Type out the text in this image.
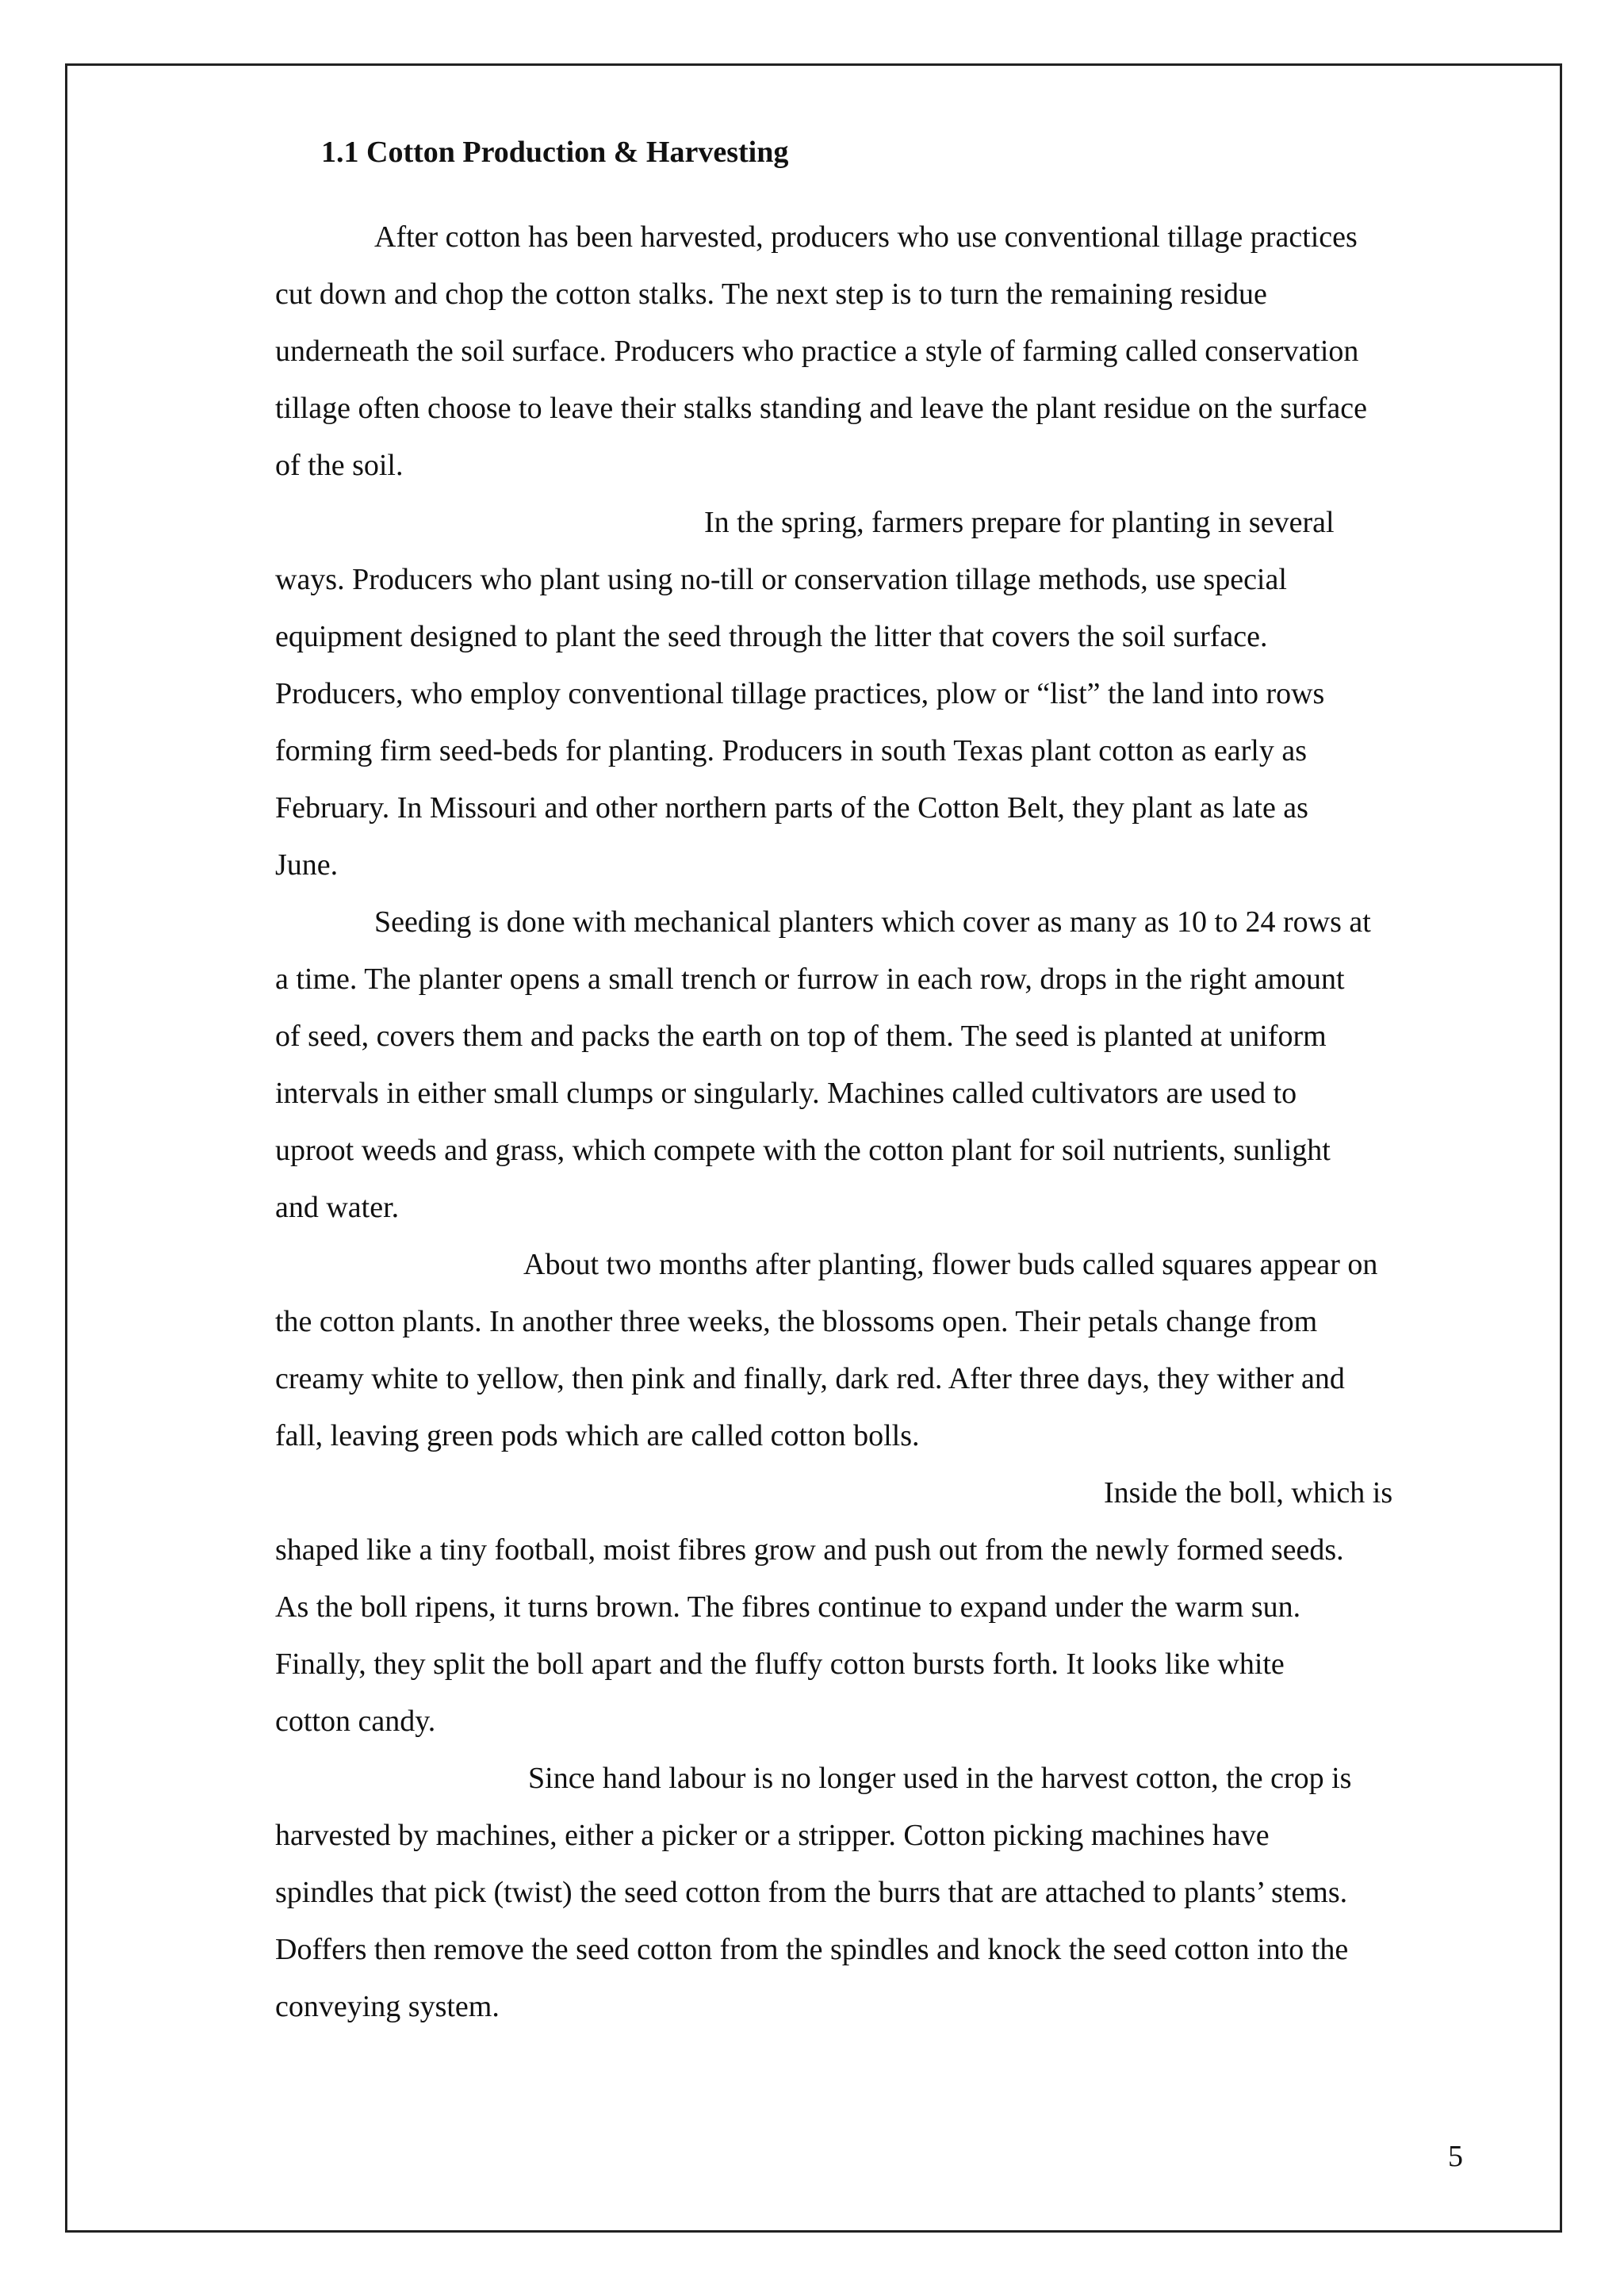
1.1 Cotton Production & Harvesting
After cotton has been harvested, producers who use conventional tillage practices
cut down and chop the cotton stalks. The next step is to turn the remaining residue
underneath the soil surface. Producers who practice a style of farming called conservation
tillage often choose to leave their stalks standing and leave the plant residue on the surface
of the soil.
In the spring, farmers prepare for planting in several
ways. Producers who plant using no-till or conservation tillage methods, use special
equipment designed to plant the seed through the litter that covers the soil surface.
Producers, who employ conventional tillage practices, plow or “list” the land into rows
forming firm seed-beds for planting. Producers in south Texas plant cotton as early as
February. In Missouri and other northern parts of the Cotton Belt, they plant as late as
June.
Seeding is done with mechanical planters which cover as many as 10 to 24 rows at
a time. The planter opens a small trench or furrow in each row, drops in the right amount
of seed, covers them and packs the earth on top of them. The seed is planted at uniform
intervals in either small clumps or singularly. Machines called cultivators are used to
uproot weeds and grass, which compete with the cotton plant for soil nutrients, sunlight
and water.
About two months after planting, flower buds called squares appear on
the cotton plants. In another three weeks, the blossoms open. Their petals change from
creamy white to yellow, then pink and finally, dark red. After three days, they wither and
fall, leaving green pods which are called cotton bolls.
Inside the boll, which is
shaped like a tiny football, moist fibres grow and push out from the newly formed seeds.
As the boll ripens, it turns brown. The fibres continue to expand under the warm sun.
Finally, they split the boll apart and the fluffy cotton bursts forth. It looks like white
cotton candy.
Since hand labour is no longer used in the harvest cotton, the crop is
harvested by machines, either a picker or a stripper. Cotton picking machines have
spindles that pick (twist) the seed cotton from the burrs that are attached to plants’ stems.
Doffers then remove the seed cotton from the spindles and knock the seed cotton into the
conveying system.
5
